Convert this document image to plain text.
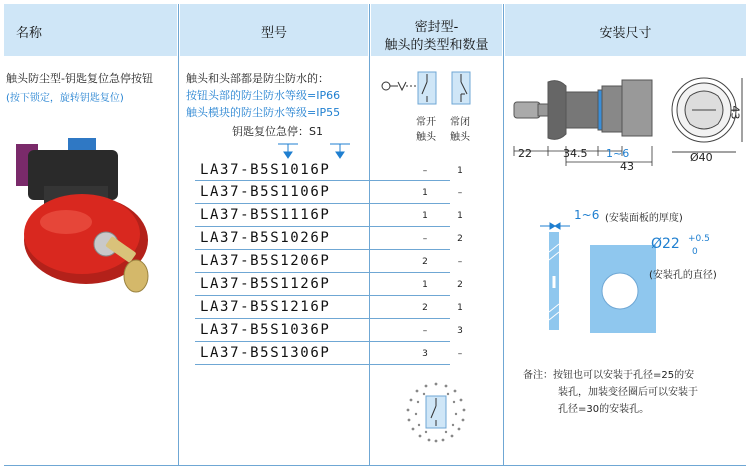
名称	型号	密封型-
触头的类型和数量
安装尺寸
触头防尘型-钥匙复位急停按钮
(按下锁定，旋转钥匙复位)
触头和头部都是防尘防水的：
按钮头部的防尘防水等级=IP66
触头模块的防尘防水等级=IP55
钥匙复位急停：S1
常开
触头
常闭
触头
LA37-B5S1016P	–	1
LA37-B5S1106P	1	–
LA37-B5S1116P	1	1
LA37-B5S1026P	–	2
LA37-B5S1206P	2	–
LA37-B5S1126P	1	2
LA37-B5S1216P	2	1
LA37-B5S1036P	–	3
LA37-B5S1306P	3	–
22	34.5 1~6
43
Ø40
43
1~6 (安装面板的厚度)
Ø22 +0.5
0
(安装孔的直径)
备注：按钮也可以安装于孔径=25的安
装孔，加装变径圈后可以安装于
孔径=30的安装孔。
